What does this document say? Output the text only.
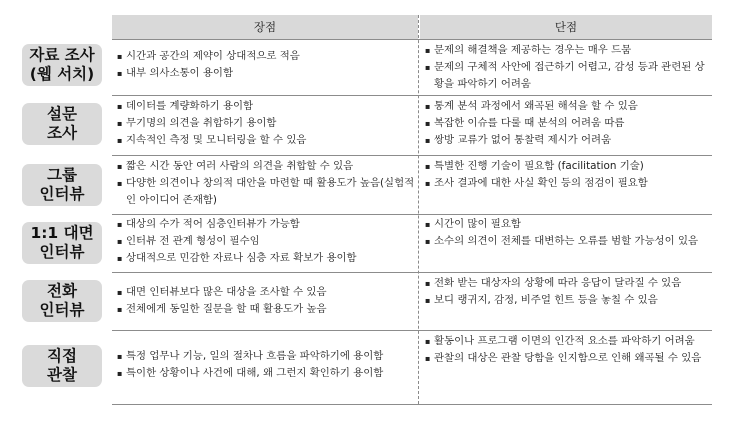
장점	단점
자료 조사
(웹 서치)
▪ 시간과 공간의 제약이 상대적으로 적음
▪ 내부 의사소통이 용이함
▪ 문제의 해결책을 제공하는 경우는 매우 드뭄
▪ 문제의 구체적 사안에 접근하기 어렵고, 감성 등과 관련된 상황을 파악하기 어려움
설문
조사
▪ 데이터를 계량화하기 용이함
▪ 무기명의 의견을 취합하기 용이함
▪ 지속적인 측정 및 모니터링을 할 수 있음
▪ 통계 분석 과정에서 왜곡된 해석을 할 수 있음
▪ 복잡한 이슈를 다룰 때 분석의 어려움 따름
▪ 쌍방 교류가 없어 통찰력 제시가 어려움
그룹
인터뷰
▪ 짧은 시간 동안 여러 사람의 의견을 취합할 수 있음
▪ 다양한 의견이나 창의적 대안을 마련할 때 활용도가 높음(실험적인 아이디어 존재함)
▪ 특별한 진행 기술이 필요함 (facilitation 기술)
▪ 조사 결과에 대한 사실 확인 등의 점검이 필요함
1:1 대면
인터뷰
▪ 대상의 수가 적어 심층인터뷰가 가능함
▪ 인터뷰 전 관계 형성이 필수임
▪ 상대적으로 민감한 자료나 심층 자료 확보가 용이함
▪ 시간이 많이 필요함
▪ 소수의 의견이 전체를 대변하는 오류를 범할 가능성이 있음
전화
인터뷰
▪ 대면 인터뷰보다 많은 대상을 조사할 수 있음
▪ 전체에게 동일한 질문을 할 때 활용도가 높음
▪ 전화 받는 대상자의 상황에 따라 응답이 달라질 수 있음
▪ 보디 랭귀지, 감정, 비주얼 힌트 등을 놓칠 수 있음
직접
관찰
▪ 특정 업무나 기능, 일의 절차나 흐름을 파악하기에 용이함
▪ 특이한 상황이나 사건에 대해, 왜 그런지 확인하기 용이함
▪ 활동이나 프로그램 이면의 인간적 요소를 파악하기 어려움
▪ 관찰의 대상은 관찰 당함을 인지함으로 인해 왜곡될 수 있음
